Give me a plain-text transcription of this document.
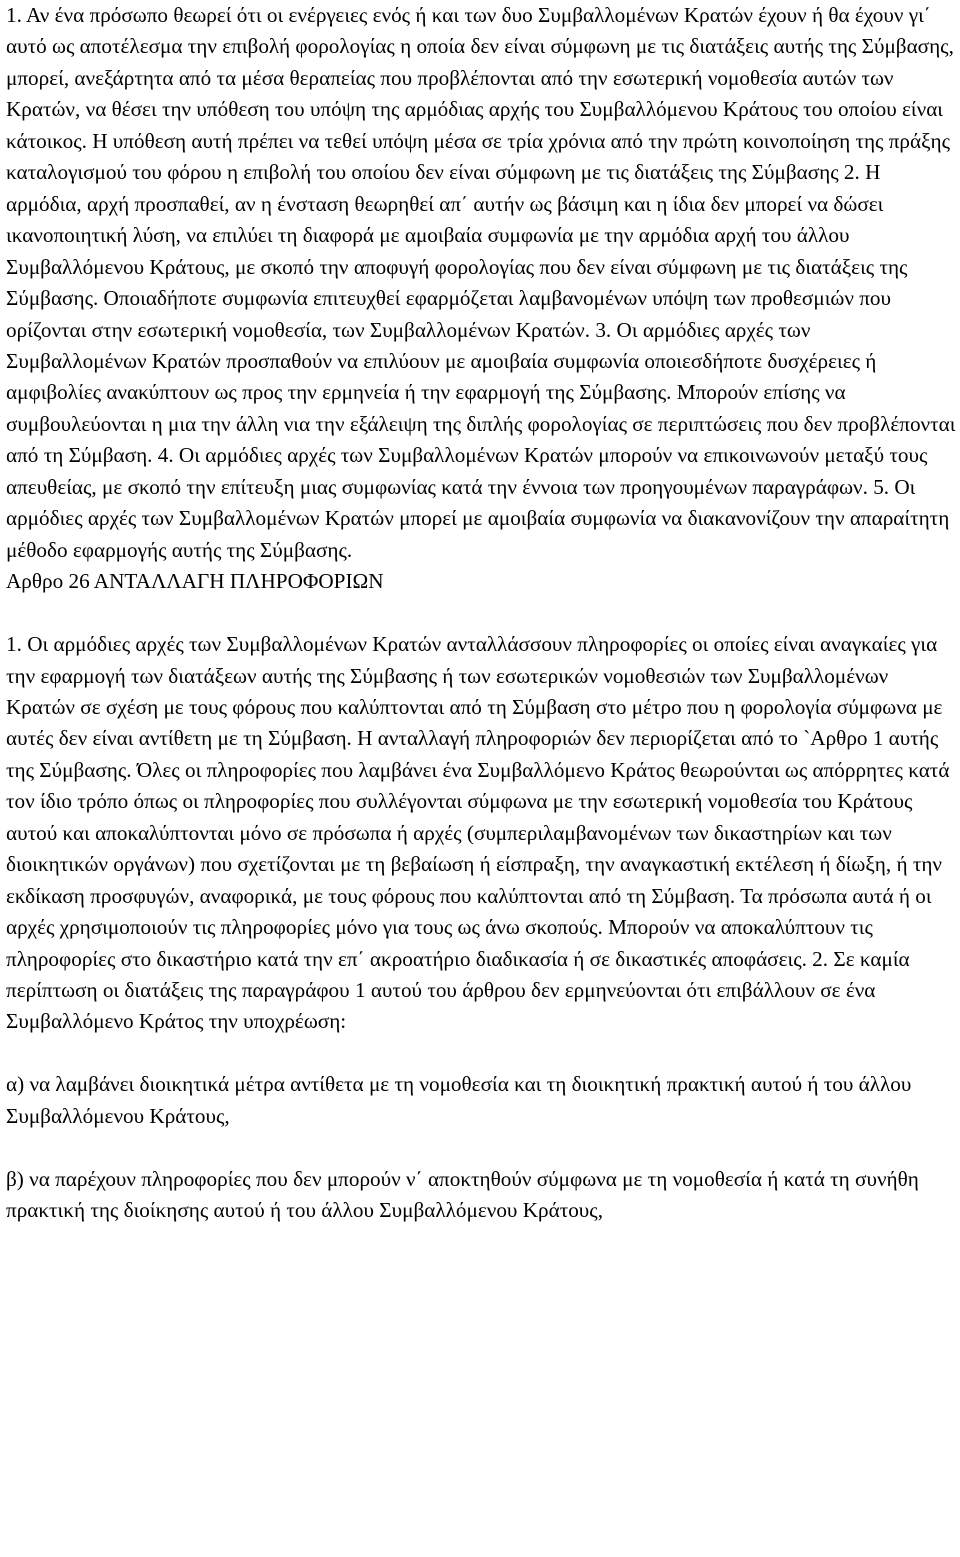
1. Αν ένα πρόσωπο θεωρεί ότι οι ενέργειες ενός ή και των δυο Συμβαλλομένων Κρατών έχουν ή θα έχουν γι΄ αυτό ως αποτέλεσμα την επιβολή φορολογίας η οποία δεν είναι σύμφωνη με τις διατάξεις αυτής της Σύμβασης, μπορεί, ανεξάρτητα από τα μέσα θεραπείας που προβλέπονται από την εσωτερική νομοθεσία αυτών των Κρατών, να θέσει την υπόθεση του υπόψη της αρμόδιας αρχής του Συμβαλλόμενου Κράτους του οποίου είναι κάτοικος. Η υπόθεση αυτή πρέπει να τεθεί υπόψη μέσα σε τρία χρόνια από την πρώτη κοινοποίηση της πράξης καταλογισμού του φόρου η επιβολή του οποίου δεν είναι σύμφωνη με τις διατάξεις της Σύμβασης 2. Η αρμόδια, αρχή προσπαθεί, αν η ένσταση θεωρηθεί απ΄ αυτήν ως βάσιμη και η ίδια δεν μπορεί να δώσει ικανοποιητική λύση, να επιλύει τη διαφορά με αμοιβαία συμφωνία με την αρμόδια αρχή του άλλου Συμβαλλόμενου Κράτους, με σκοπό την αποφυγή φορολογίας που δεν είναι σύμφωνη με τις διατάξεις της Σύμβασης. Οποιαδήποτε συμφωνία επιτευχθεί εφαρμόζεται λαμβανομένων υπόψη των προθεσμιών που ορίζονται στην εσωτερική νομοθεσία, των Συμβαλλομένων Κρατών. 3. Οι αρμόδιες αρχές των Συμβαλλομένων Κρατών προσπαθούν να επιλύουν με αμοιβαία συμφωνία οποιεσδήποτε δυσχέρειες ή αμφιβολίες ανακύπτουν ως προς την ερμηνεία ή την εφαρμογή της Σύμβασης. Μπορούν επίσης να συμβουλεύονται η μια την άλλη νια την εξάλειψη της διπλής φορολογίας σε περιπτώσεις που δεν προβλέπονται από τη Σύμβαση. 4. Οι αρμόδιες αρχές των Συμβαλλομένων Κρατών μπορούν να επικοινωνούν μεταξύ τους απευθείας, με σκοπό την επίτευξη μιας συμφωνίας κατά την έννοια των προηγουμένων παραγράφων. 5. Οι αρμόδιες αρχές των Συμβαλλομένων Κρατών μπορεί με αμοιβαία συμφωνία να διακανονίζουν την απαραίτητη μέθοδο εφαρμογής αυτής της Σύμβασης.

Αρθρο 26 ΑΝΤΑΛΛΑΓΗ ΠΛΗΡΟΦΟΡΙΩΝ

1. Οι αρμόδιες αρχές των Συμβαλλομένων Κρατών ανταλλάσσουν πληροφορίες οι οποίες είναι αναγκαίες για την εφαρμογή των διατάξεων αυτής της Σύμβασης ή των εσωτερικών νομοθεσιών των Συμβαλλομένων Κρατών σε σχέση με τους φόρους που καλύπτονται από τη Σύμβαση στο μέτρο που η φορολογία σύμφωνα με αυτές δεν είναι αντίθετη με τη Σύμβαση. Η ανταλλαγή πληροφοριών δεν περιορίζεται από το `Αρθρο 1 αυτής της Σύμβασης. Όλες οι πληροφορίες που λαμβάνει ένα Συμβαλλόμενο Κράτος θεωρούνται ως απόρρητες κατά τον ίδιο τρόπο όπως οι πληροφορίες που συλλέγονται σύμφωνα με την εσωτερική νομοθεσία του Κράτους αυτού και αποκαλύπτονται μόνο σε πρόσωπα ή αρχές (συμπεριλαμβανομένων των δικαστηρίων και των διοικητικών οργάνων) που σχετίζονται με τη βεβαίωση ή είσπραξη, την αναγκαστική εκτέλεση ή δίωξη, ή την εκδίκαση προσφυγών, αναφορικά, με τους φόρους που καλύπτονται από τη Σύμβαση. Τα πρόσωπα αυτά ή οι αρχές χρησιμοποιούν τις πληροφορίες μόνο για τους ως άνω σκοπούς. Μπορούν να αποκαλύπτουν τις πληροφορίες στο δικαστήριο κατά την επ΄ ακροατήριο διαδικασία ή σε δικαστικές αποφάσεις. 2. Σε καμία περίπτωση οι διατάξεις της παραγράφου 1 αυτού του άρθρου δεν ερμηνεύονται ότι επιβάλλουν σε ένα Συμβαλλόμενο Κράτος την υποχρέωση:

α) να λαμβάνει διοικητικά μέτρα αντίθετα με τη νομοθεσία και τη διοικητική πρακτική αυτού ή του άλλου Συμβαλλόμενου Κράτους,

β) να παρέχουν πληροφορίες που δεν μπορούν ν΄ αποκτηθούν σύμφωνα με τη νομοθεσία ή κατά τη συνήθη πρακτική της διοίκησης αυτού ή του άλλου Συμβαλλόμενου Κράτους,
